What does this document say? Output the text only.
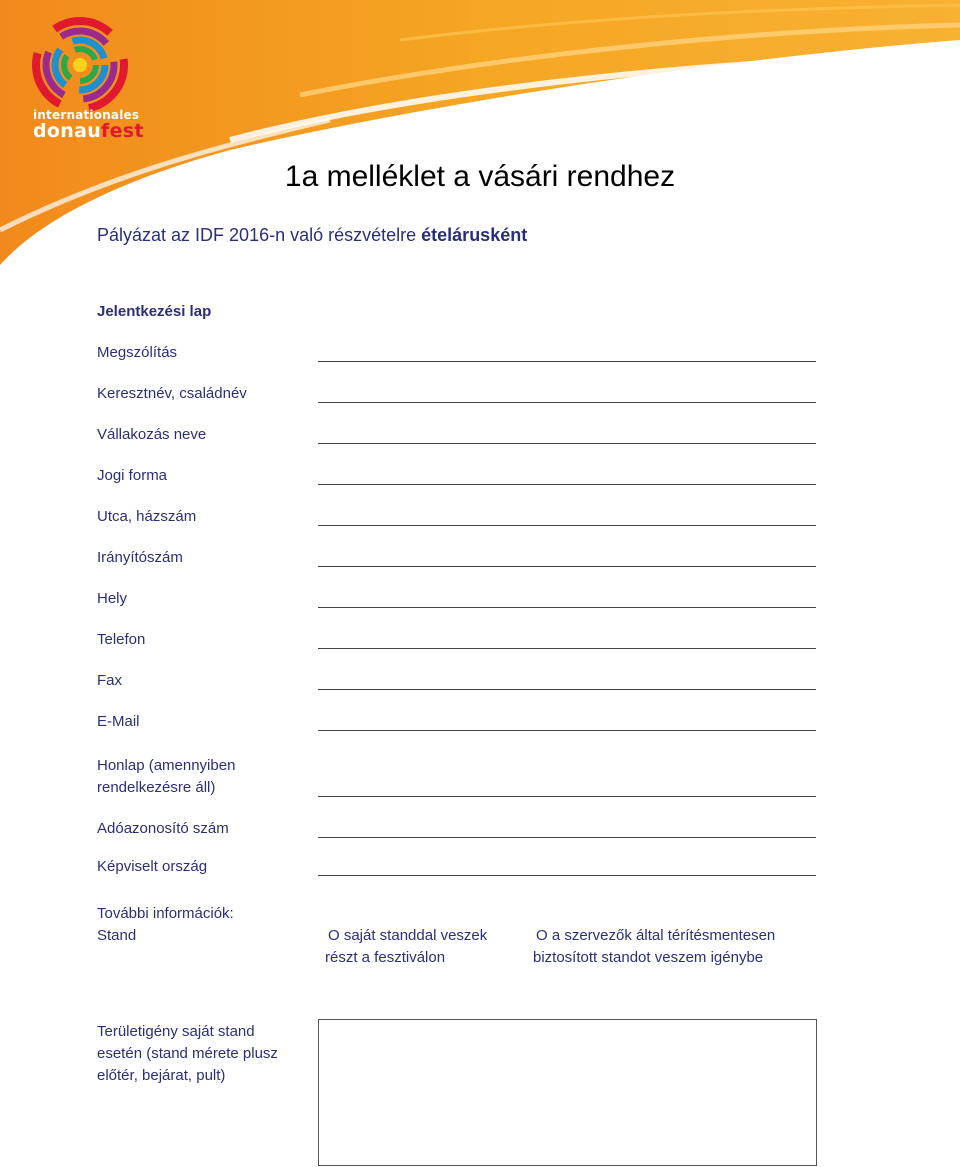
internationales
donaufest
1a melléklet a vásári rendhez
Pályázat az IDF 2016-n való részvételre ételárusként
Jelentkezési lap
Megszólítás
Keresztnév, családnév
Vállakozás neve
Jogi forma
Utca, házszám
Irányítószám
Hely
Telefon
Fax
E-Mail
Honlap (amennyiben
rendelkezésre áll)
Adóazonosító szám
Képviselt ország
További információk:
Stand	O saját standdal veszek
részt a fesztiválon
O a szervezők által térítésmentesen
biztosított standot veszem igénybe
Területigény saját stand
esetén (stand mérete plusz
előtér, bejárat, pult)
